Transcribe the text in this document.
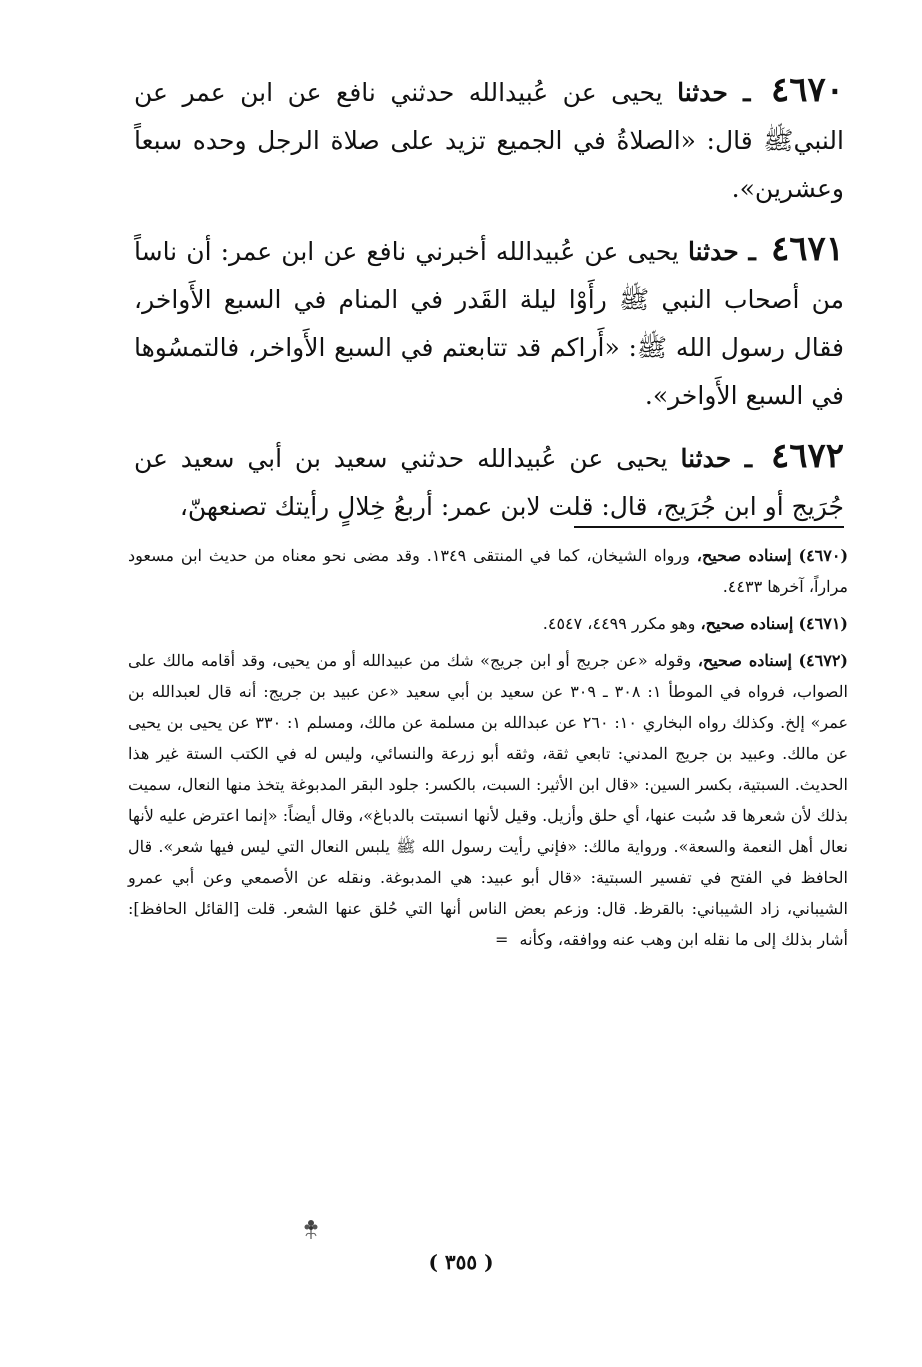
٤٦٧٠ ـ حدثنا يحيى عن عُبيدالله حدثني نافع عن ابن عمر عن النبيﷺ قال: «الصلاةُ في الجميع تزيد على صلاة الرجل وحده سبعاً وعشرين».

٤٦٧١ ـ حدثنا يحيى عن عُبيدالله أخبرني نافع عن ابن عمر: أن ناساً من أصحاب النبي ﷺ رأَوْا ليلة القَدر في المنام في السبع الأَواخر، فقال رسول الله ﷺ: «أَراكم قد تتابعتم في السبع الأَواخر، فالتمسُوها في السبع الأَواخر».

٤٦٧٢ ـ حدثنا يحيى عن عُبيدالله حدثني سعيد بن أبي سعيد عن جُرَيج أو ابن جُرَيج، قال: قلت لابن عمر: أربعُ خِلالٍ رأيتك تصنعهنّ،

(٤٦٧٠) إسناده صحيح، ورواه الشيخان، كما في المنتقى ١٣٤٩. وقد مضى نحو معناه من حديث ابن مسعود مراراً، آخرها ٤٤٣٣.

(٤٦٧١) إسناده صحيح، وهو مكرر ٤٤٩٩، ٤٥٤٧.

(٤٦٧٢) إسناده صحيح، وقوله «عن جريج أو ابن جريج» شك من عبيدالله أو من يحيى، وقد أقامه مالك على الصواب، فرواه في الموطأ ١: ٣٠٨ ـ ٣٠٩ عن سعيد بن أبي سعيد «عن عبيد بن جريج: أنه قال لعبدالله بن عمر» إلخ. وكذلك رواه البخاري ١٠: ٢٦٠ عن عبدالله بن مسلمة عن مالك، ومسلم ١: ٣٣٠ عن يحيى بن يحيى عن مالك. وعبيد بن جريج المدني: تابعي ثقة، وثقه أبو زرعة والنسائي، وليس له في الكتب الستة غير هذا الحديث. السبتية، بكسر السين: «قال ابن الأثير: السبت، بالكسر: جلود البقر المدبوغة يتخذ منها النعال، سميت بذلك لأن شعرها قد سُبت عنها، أي حلق وأزيل. وقيل لأنها انسبتت بالدباغ»، وقال أيضاً: «إنما اعترض عليه لأنها نعال أهل النعمة والسعة». ورواية مالك: «فإني رأيت رسول الله ﷺ يلبس النعال التي ليس فيها شعر». قال الحافظ في الفتح في تفسير السبتية: «قال أبو عبيد: هي المدبوغة. ونقله عن الأصمعي وعن أبي عمرو الشيباني، زاد الشيباني: بالقرظ. قال: وزعم بعض الناس أنها التي حُلق عنها الشعر. قلت [القائل الحافظ]: أشار بذلك إلى ما نقله ابن وهب عنه ووافقه، وكأنه =

( ٣٥٥ )
